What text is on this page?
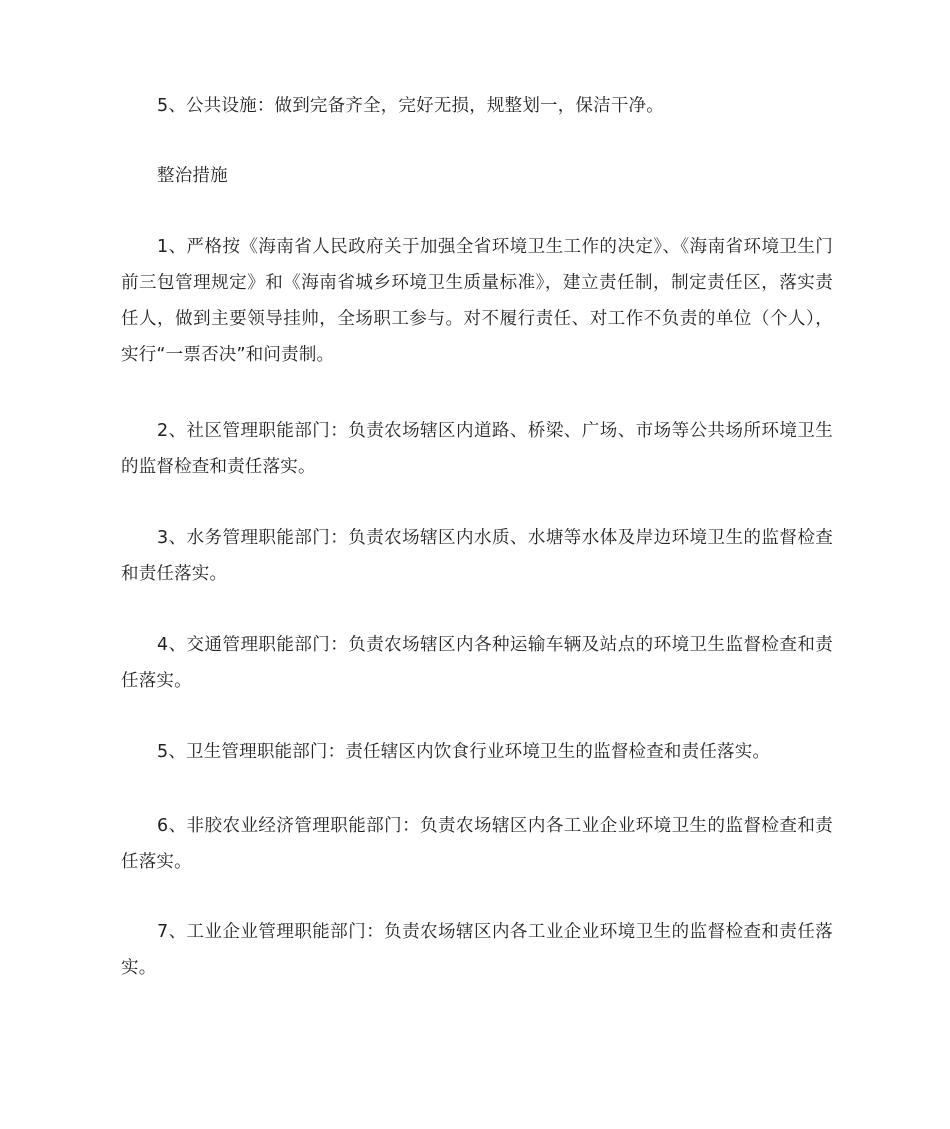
5、公共设施：做到完备齐全，完好无损，规整划一，保洁干净。

整治措施

1、严格按《海南省人民政府关于加强全省环境卫生工作的决定》、《海南省环境卫生门前三包管理规定》和《海南省城乡环境卫生质量标准》，建立责任制，制定责任区，落实责任人，做到主要领导挂帅，全场职工参与。对不履行责任、对工作不负责的单位（个人），实行“一票否决”和问责制。

2、社区管理职能部门：负责农场辖区内道路、桥梁、广场、市场等公共场所环境卫生的监督检查和责任落实。

3、水务管理职能部门：负责农场辖区内水质、水塘等水体及岸边环境卫生的监督检查和责任落实。

4、交通管理职能部门：负责农场辖区内各种运输车辆及站点的环境卫生监督检查和责任落实。

5、卫生管理职能部门：责任辖区内饮食行业环境卫生的监督检查和责任落实。

6、非胶农业经济管理职能部门：负责农场辖区内各工业企业环境卫生的监督检查和责任落实。

7、工业企业管理职能部门：负责农场辖区内各工业企业环境卫生的监督检查和责任落实。
